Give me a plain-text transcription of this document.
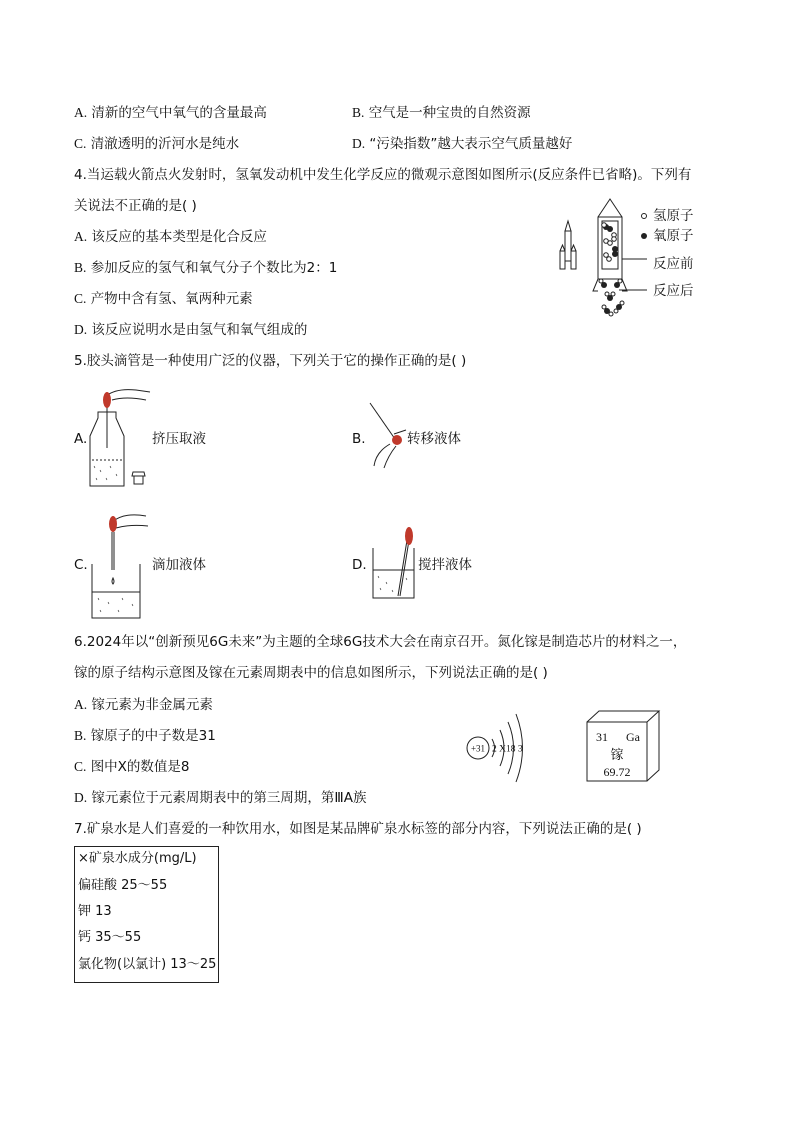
A. 清新的空气中氧气的含量最高	B. 空气是一种宝贵的自然资源
C. 清澈透明的沂河水是纯水	D. “污染指数”越大表示空气质量越好
4.当运载火箭点火发射时，氢氧发动机中发生化学反应的微观示意图如图所示(反应条件已省略)。下列有
关说法不正确的是( )
A. 该反应的基本类型是化合反应
B. 参加反应的氢气和氧气分子个数比为2：1
C. 产物中含有氢、氧两种元素
D. 该反应说明水是由氢气和氧气组成的
氢原子
氧原子
反应前
反应后
5.胶头滴管是一种使用广泛的仪器，下列关于它的操作正确的是( )
A.	挤压取液	B.	转移液体
C.	滴加液体	D.	搅拌液体
6.2024年以“创新预见6G未来”为主题的全球6G技术大会在南京召开。氮化镓是制造芯片的材料之一，
镓的原子结构示意图及镓在元素周期表中的信息如图所示，下列说法正确的是( )
A. 镓元素为非金属元素
B. 镓原子的中子数是31
C. 图中X的数值是8
D. 镓元素位于元素周期表中的第三周期，第ⅢA族
+31 2 X18 3
31 Ga
镓
69.72
7.矿泉水是人们喜爱的一种饮用水，如图是某品牌矿泉水标签的部分内容，下列说法正确的是( )
×矿泉水成分(mg/L)
偏硅酸 25～55
钾 13
钙 35～55
氯化物(以氯计) 13～25
